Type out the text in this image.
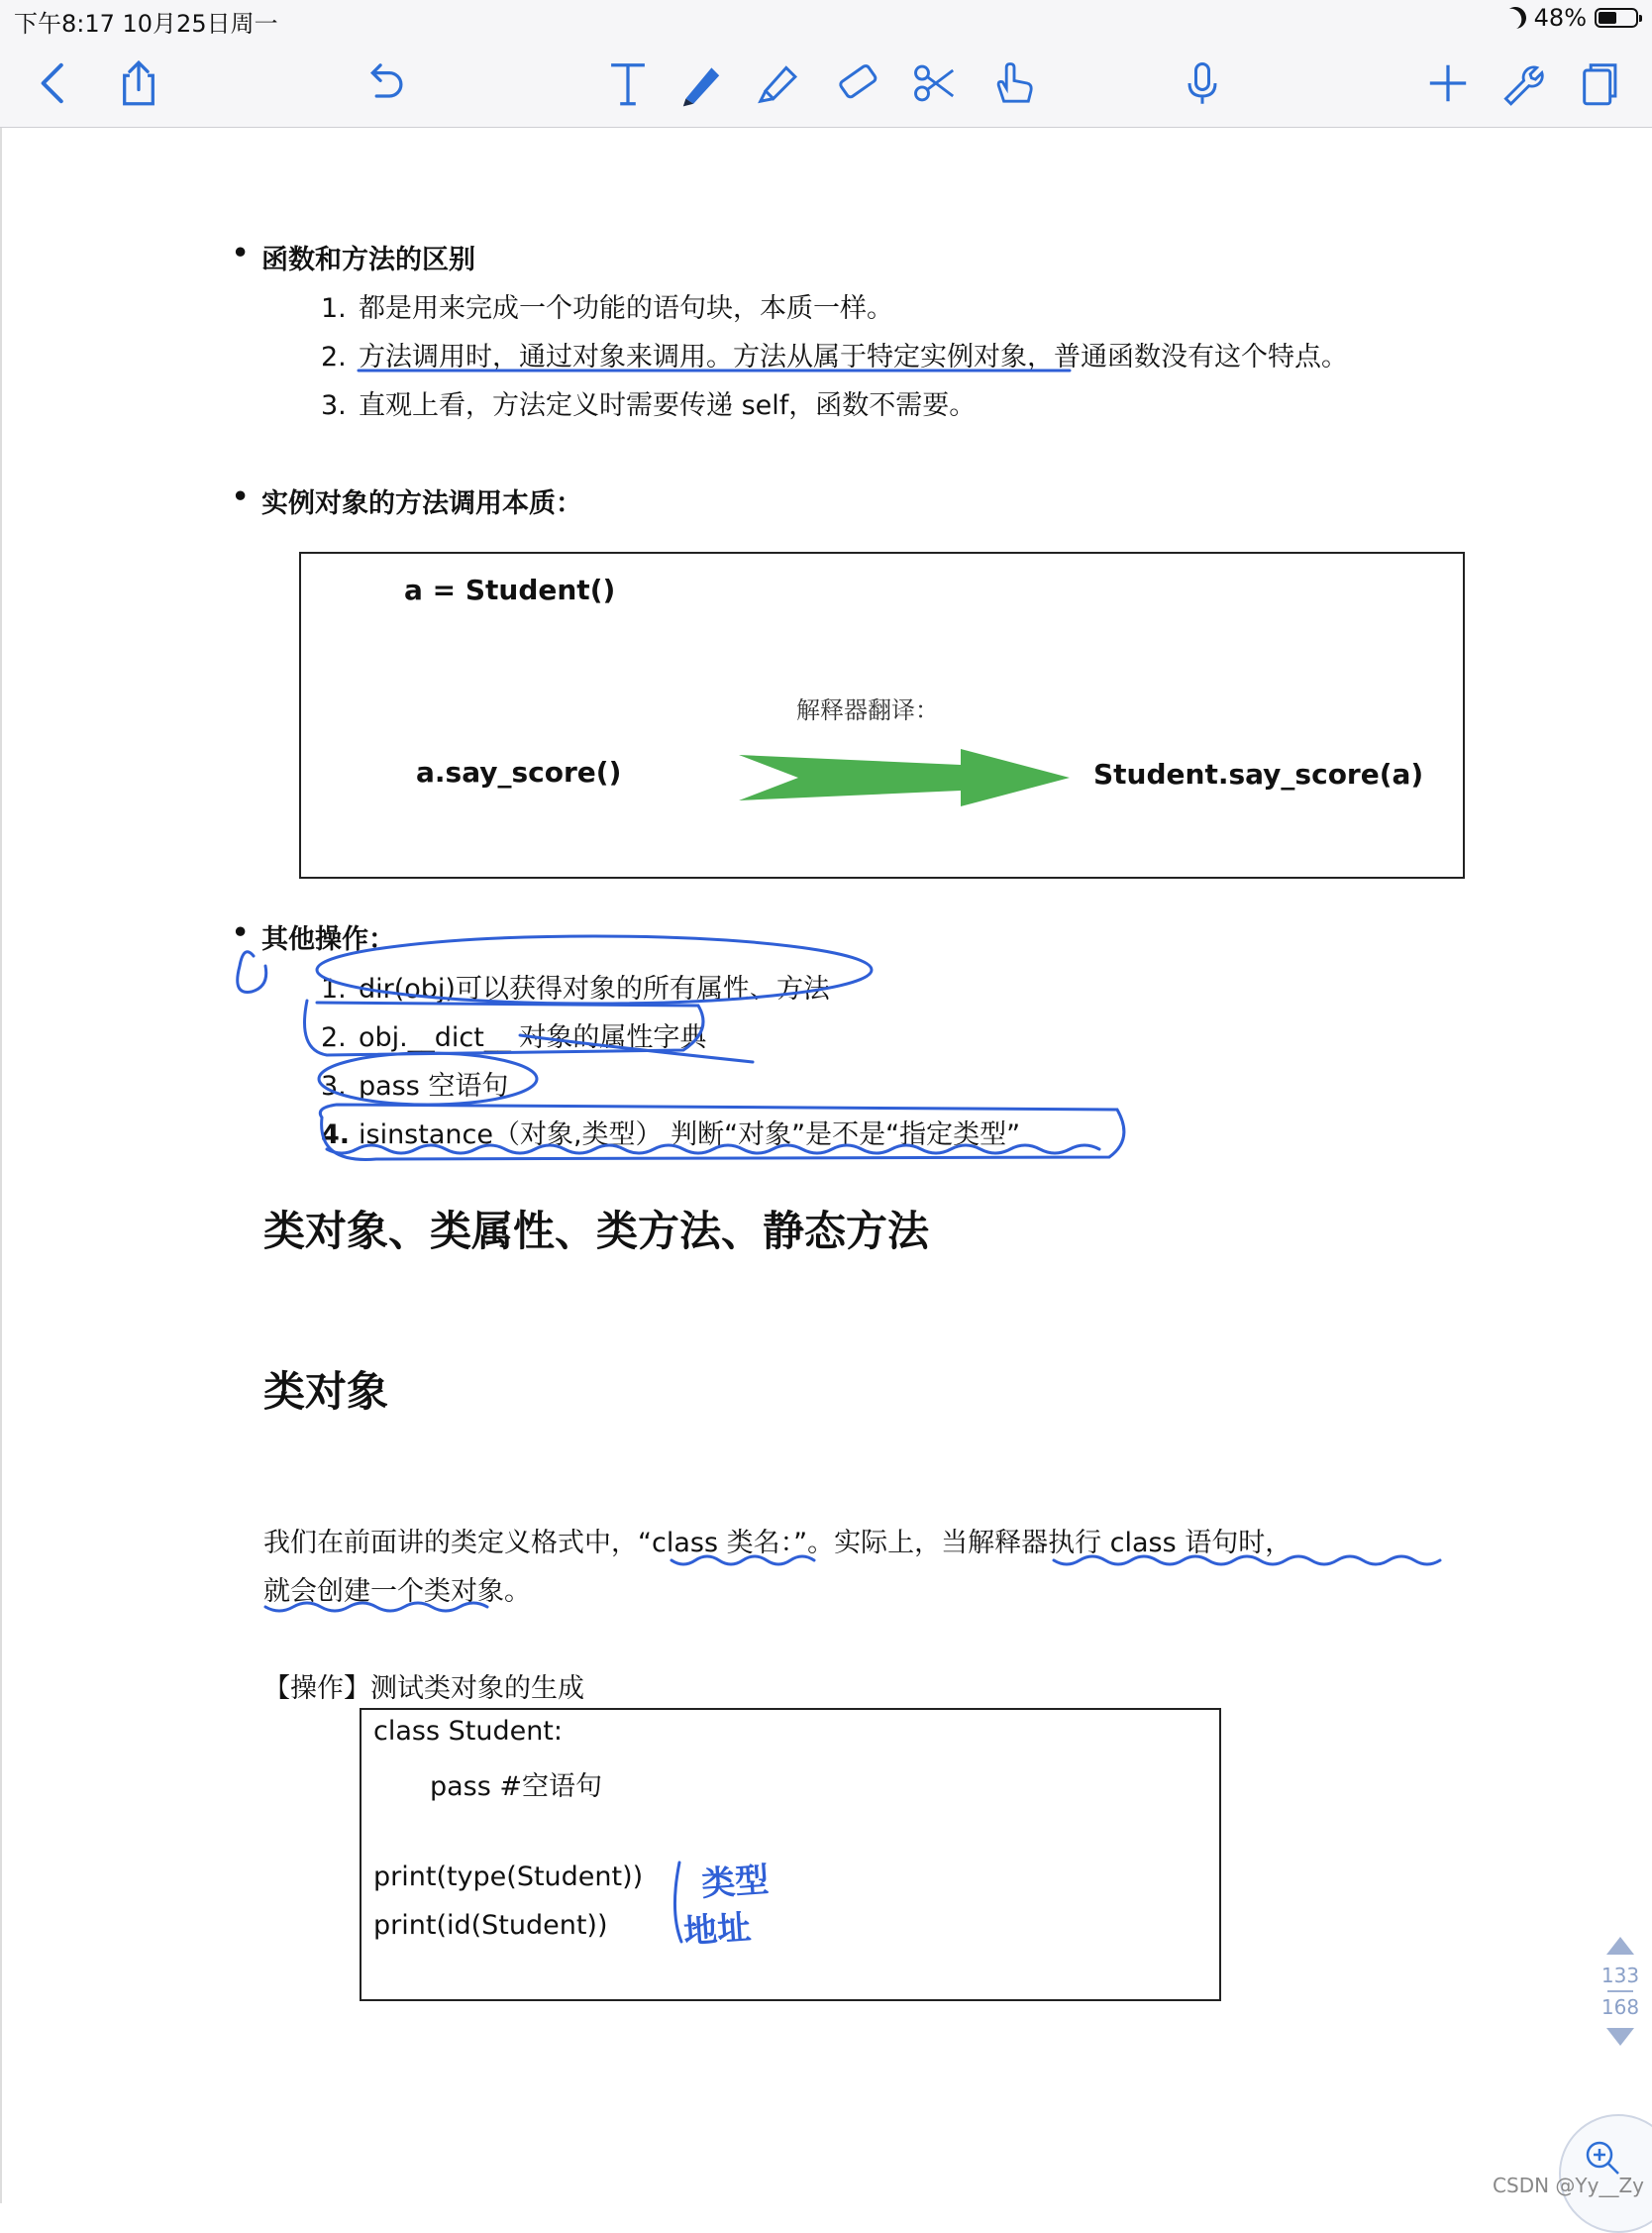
下午8:17 10月25日周一	48%
• 函数和方法的区别
1. 都是用来完成一个功能的语句块，本质一样。
2. 方法调用时，通过对象来调用。方法从属于特定实例对象，普通函数没有这个特点。
3. 直观上看，方法定义时需要传递 self，函数不需要。
• 实例对象的方法调用本质：
a = Student()
解释器翻译：
a.say_score()	Student.say_score(a)
• 其他操作：
1. dir(obj)可以获得对象的所有属性、方法
2. obj.__dict__ 对象的属性字典
3. pass 空语句
4. isinstance（对象,类型） 判断“对象”是不是“指定类型”
类对象、类属性、类方法、静态方法
类对象
我们在前面讲的类定义格式中，“class 类名：”。实际上，当解释器执行 class 语句时，
就会创建一个类对象。
【操作】测试类对象的生成
class Student:
pass #空语句
print(type(Student))
print(id(Student))
类型
地址
133
168
CSDN @Yy__Zy
